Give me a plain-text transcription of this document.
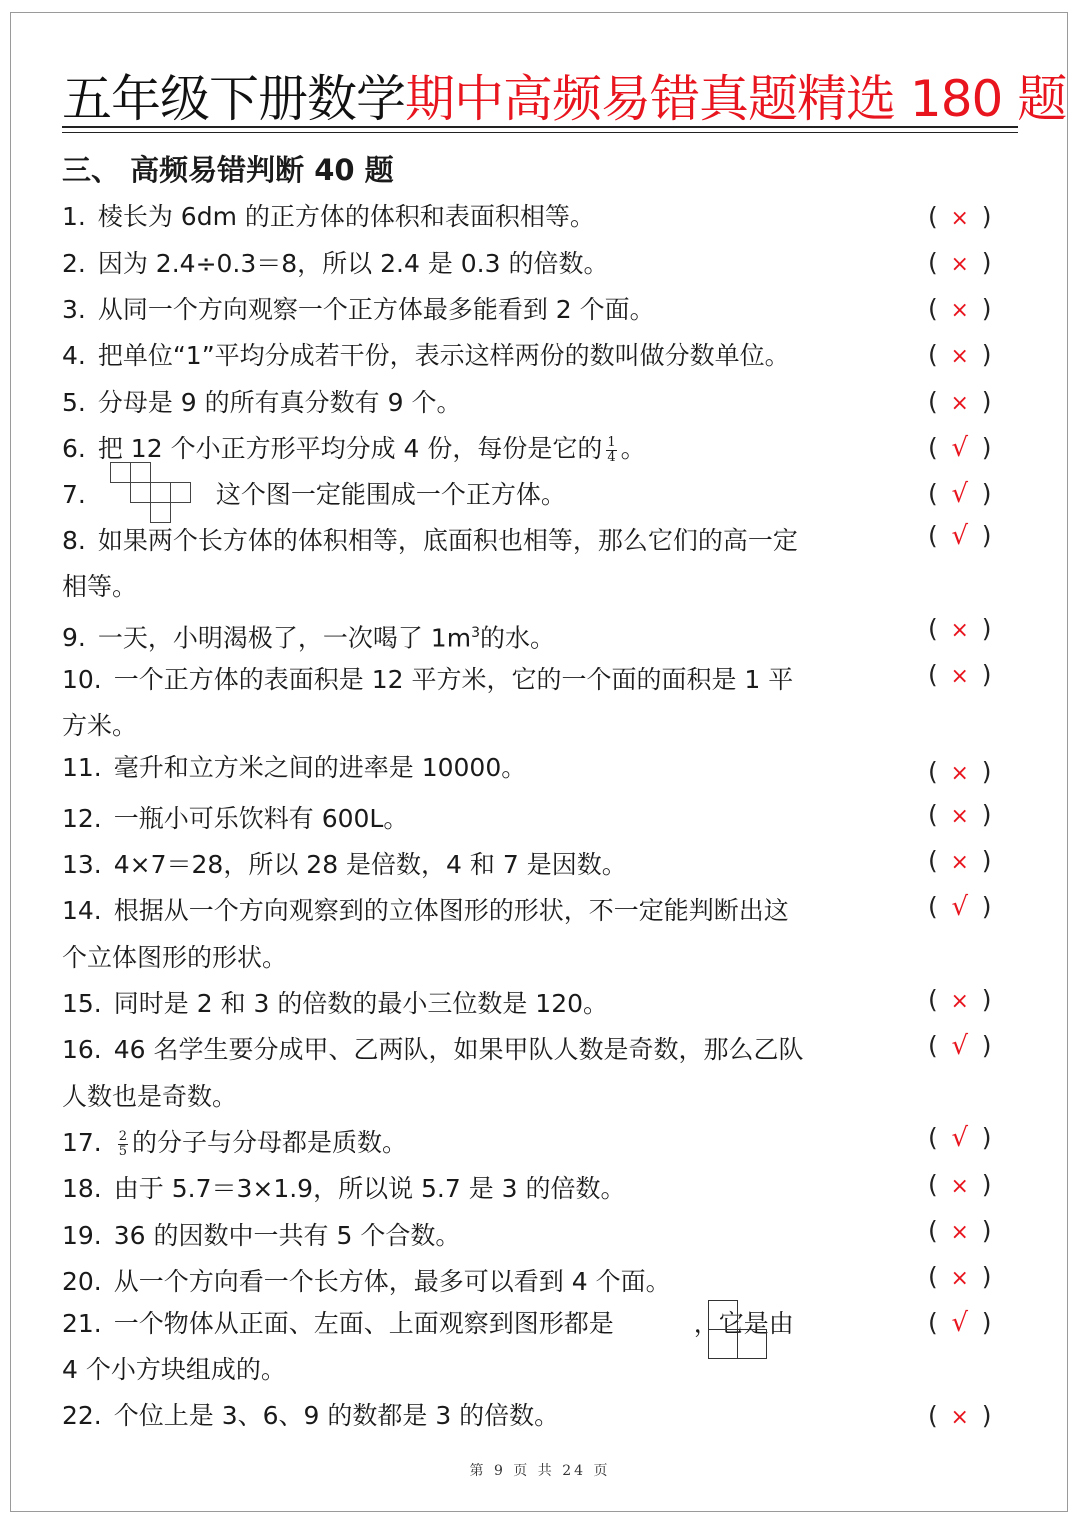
五年级下册数学期中高频易错真题精选 180 题
三、 高频易错判断 40 题
1. 棱长为 6dm 的正方体的体积和表面积相等。	( × )
2. 因为 2.4÷0.3＝8，所以 2.4 是 0.3 的倍数。	( × )
3. 从同一个方向观察一个正方体最多能看到 2 个面。	( × )
4. 把单位“1”平均分成若干份，表示这样两份的数叫做分数单位。	( × )
5. 分母是 9 的所有真分数有 9 个。	( × )
6. 把 12 个小正方形平均分成 4 份，每份是它的 $\frac{1}{4}$ 。	( √ )
7.	这个图一定能围成一个正方体。	( √ )
8. 如果两个长方体的体积相等，底面积也相等，那么它们的高一定
相等。
( √ )
9. 一天，小明渴极了，一次喝了 $1m^3$的水。	( × )
10. 一个正方体的表面积是 12 平方米，它的一个面的面积是 1 平
方米。
( × )
11. 毫升和立方米之间的进率是 10000。	( × )
12. 一瓶小可乐饮料有 600L。	( × )
13. 4×7＝28，所以 28 是倍数，4 和 7 是因数。	( × )
14. 根据从一个方向观察到的立体图形的形状，不一定能判断出这
个立体图形的形状。
( √ )
15. 同时是 2 和 3 的倍数的最小三位数是 120。	( × )
16. 46 名学生要分成甲、乙两队，如果甲队人数是奇数，那么乙队
人数也是奇数。
( √ )
17. $\frac{2}{5}$ 的分子与分母都是质数。	( √ )
18. 由于 5.7＝3×1.9，所以说 5.7 是 3 的倍数。	( × )
19. 36 的因数中一共有 5 个合数。	( × )
20. 从一个方向看一个长方体，最多可以看到 4 个面。	( × )
21. 一个物体从正面、左面、上面观察到图形都是	，它是由
4 个小方块组成的。
( √ )
22. 个位上是 3、6、9 的数都是 3 的倍数。	( × )
第 9 页 共 24 页
